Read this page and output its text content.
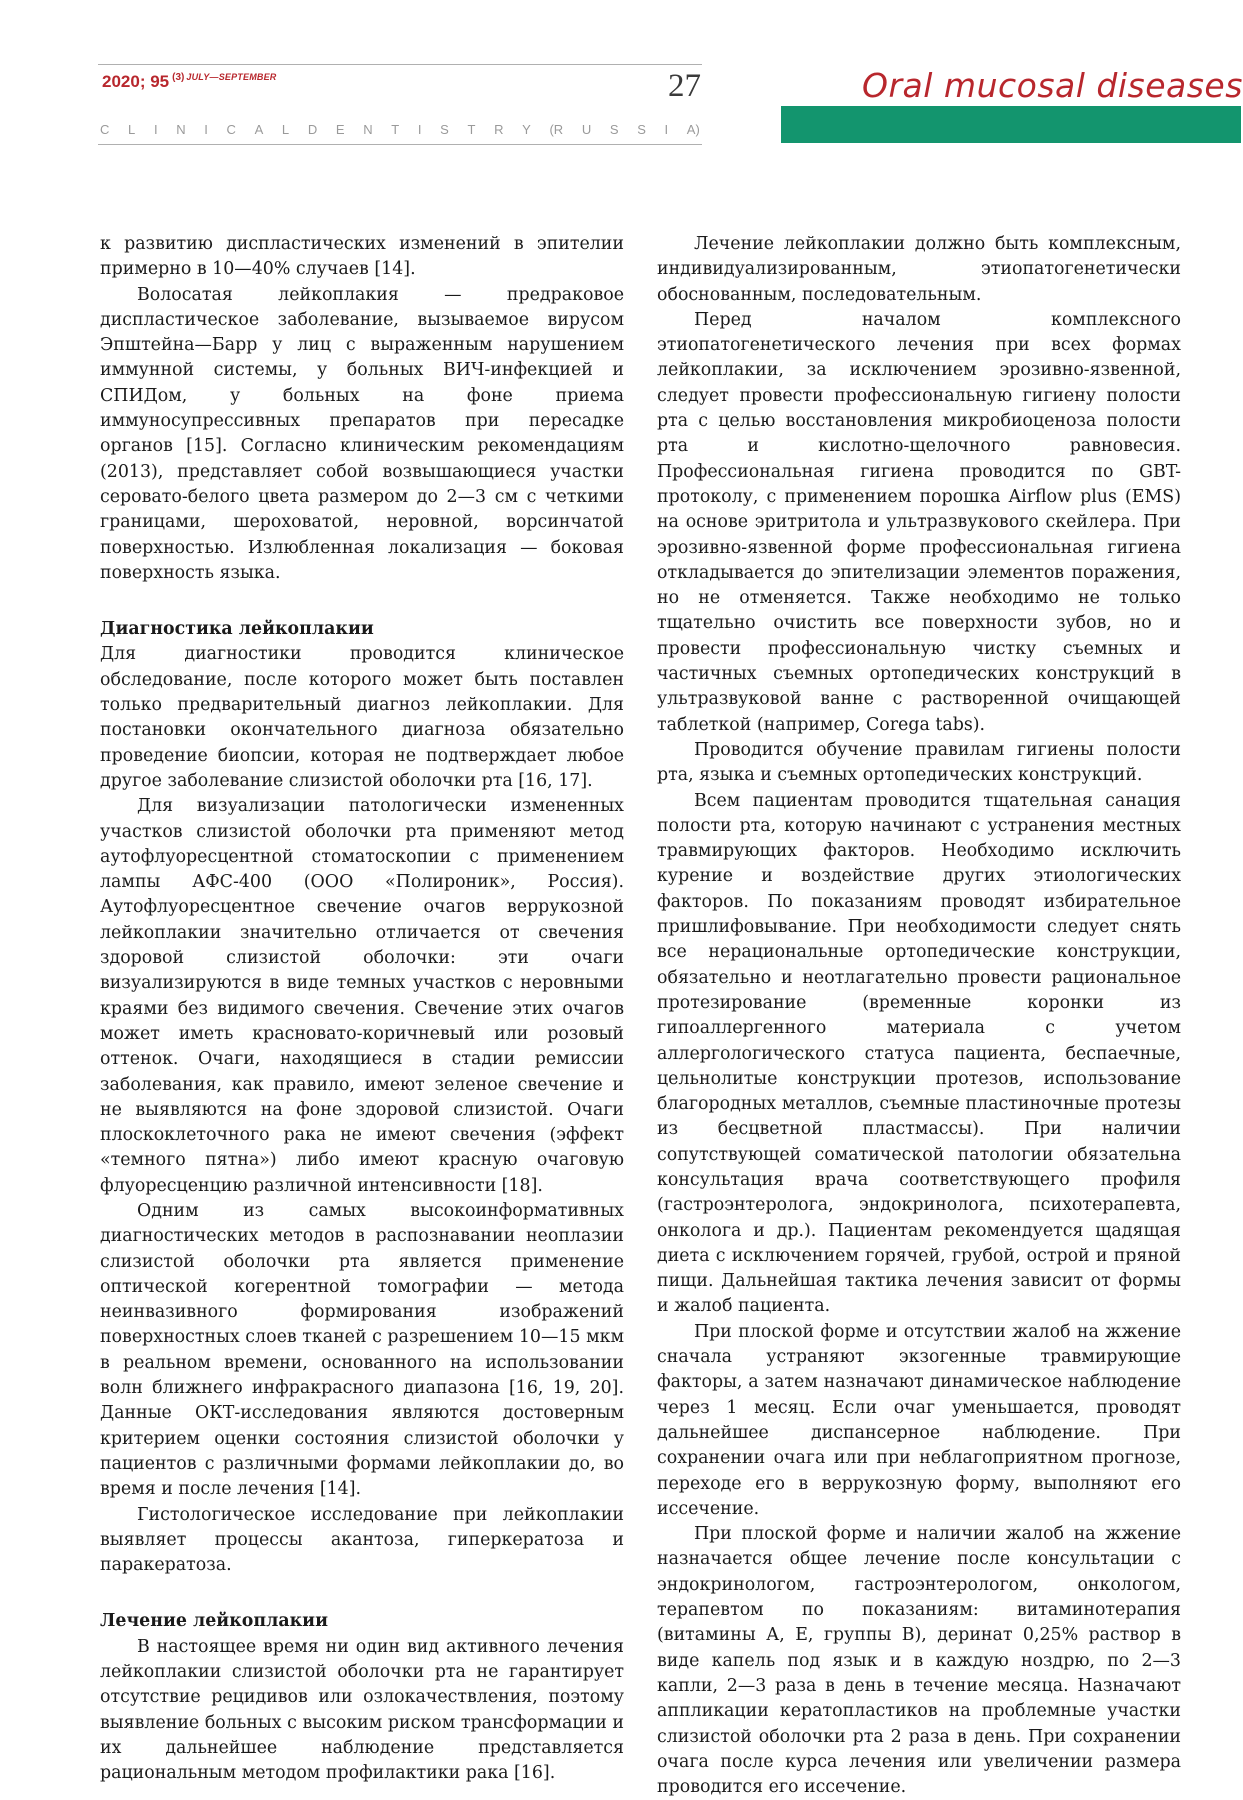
2020; 95 $^{(3)}$ $^{JULY—SEPTEMBER}$	27
C L I N I C A L D E N T I S T R Y (R U S S I A)
Oral mucosal diseases

к развитию диспластических изменений в эпителии примерно в 10—40% случаев [14].

Волосатая лейкоплакия — предраковое диспластическое заболевание, вызываемое вирусом Эпштейна—Барр у лиц с выраженным нарушением иммунной системы, у больных ВИЧ-инфекцией и СПИДом, у больных на фоне приема иммуносупрессивных препаратов при пересадке органов [15]. Согласно клиническим рекомендациям (2013), представляет собой возвышающиеся участки серовато-белого цвета размером до 2—3 см с четкими границами, шероховатой, неровной, ворсинчатой поверхностью. Излюбленная локализация — боковая поверхность языка.

Диагностика лейкоплакии

Для диагностики проводится клиническое обследование, после которого может быть поставлен только предварительный диагноз лейкоплакии. Для постановки окончательного диагноза обязательно проведение биопсии, которая не подтверждает любое другое заболевание слизистой оболочки рта [16, 17].

Для визуализации патологически измененных участков слизистой оболочки рта применяют метод аутофлуоресцентной стоматоскопии с применением лампы АФС-400 (ООО «Полироник», Россия). Аутофлуоресцентное свечение очагов веррукозной лейкоплакии значительно отличается от свечения здоровой слизистой оболочки: эти очаги визуализируются в виде темных участков с неровными краями без видимого свечения. Свечение этих очагов может иметь красновато-коричневый или розовый оттенок. Очаги, находящиеся в стадии ремиссии заболевания, как правило, имеют зеленое свечение и не выявляются на фоне здоровой слизистой. Очаги плоскоклеточного рака не имеют свечения (эффект «темного пятна») либо имеют красную очаговую флуоресценцию различной интенсивности [18].

Одним из самых высокоинформативных диагностических методов в распознавании неоплазии слизистой оболочки рта является применение оптической когерентной томографии — метода неинвазивного формирования изображений поверхностных слоев тканей с разрешением 10—15 мкм в реальном времени, основанного на использовании волн ближнего инфракрасного диапазона [16, 19, 20]. Данные ОКТ-исследования являются достоверным критерием оценки состояния слизистой оболочки у пациентов с различными формами лейкоплакии до, во время и после лечения [14].

Гистологическое исследование при лейкоплакии выявляет процессы акантоза, гиперкератоза и паракератоза.

Лечение лейкоплакии

В настоящее время ни один вид активного лечения лейкоплакии слизистой оболочки рта не гарантирует отсутствие рецидивов или озлокачествления, поэтому выявление больных с высоким риском трансформации и их дальнейшее наблюдение представляется рациональным методом профилактики рака [16].

Лечение лейкоплакии должно быть комплексным, индивидуализированным, этиопатогенетически обоснованным, последовательным.

Перед началом комплексного этиопатогенетического лечения при всех формах лейкоплакии, за исключением эрозивно-язвенной, следует провести профессиональную гигиену полости рта с целью восстановления микробиоценоза полости рта и кислотно-щелочного равновесия. Профессиональная гигиена проводится по GBT-протоколу, с применением порошка Airflow plus (EMS) на основе эритритола и ультразвукового скейлера. При эрозивно-язвенной форме профессиональная гигиена откладывается до эпителизации элементов поражения, но не отменяется. Также необходимо не только тщательно очистить все поверхности зубов, но и провести профессиональную чистку съемных и частичных съемных ортопедических конструкций в ультразвуковой ванне с растворенной очищающей таблеткой (например, Corega tabs).

Проводится обучение правилам гигиены полости рта, языка и съемных ортопедических конструкций.

Всем пациентам проводится тщательная санация полости рта, которую начинают с устранения местных травмирующих факторов. Необходимо исключить курение и воздействие других этиологических факторов. По показаниям проводят избирательное пришлифовывание. При необходимости следует снять все нерациональные ортопедические конструкции, обязательно и неотлагательно провести рациональное протезирование (временные коронки из гипоаллергенного материала с учетом аллергологического статуса пациента, беспаечные, цельнолитые конструкции протезов, использование благородных металлов, съемные пластиночные протезы из бесцветной пластмассы). При наличии сопутствующей соматической патологии обязательна консультация врача соответствующего профиля (гастроэнтеролога, эндокринолога, психотерапевта, онколога и др.). Пациентам рекомендуется щадящая диета с исключением горячей, грубой, острой и пряной пищи. Дальнейшая тактика лечения зависит от формы и жалоб пациента.

При плоской форме и отсутствии жалоб на жжение сначала устраняют экзогенные травмирующие факторы, а затем назначают динамическое наблюдение через 1 месяц. Если очаг уменьшается, проводят дальнейшее диспансерное наблюдение. При сохранении очага или при неблагоприятном прогнозе, переходе его в веррукозную форму, выполняют его иссечение.

При плоской форме и наличии жалоб на жжение назначается общее лечение после консультации с эндокринологом, гастроэнтерологом, онкологом, терапевтом по показаниям: витаминотерапия (витамины А, Е, группы В), деринат 0,25% раствор в виде капель под язык и в каждую ноздрю, по 2—3 капли, 2—3 раза в день в течение месяца. Назначают аппликации кератопластиков на проблемные участки слизистой оболочки рта 2 раза в день. При сохранении очага после курса лечения или увеличении размера проводится его иссечение.
